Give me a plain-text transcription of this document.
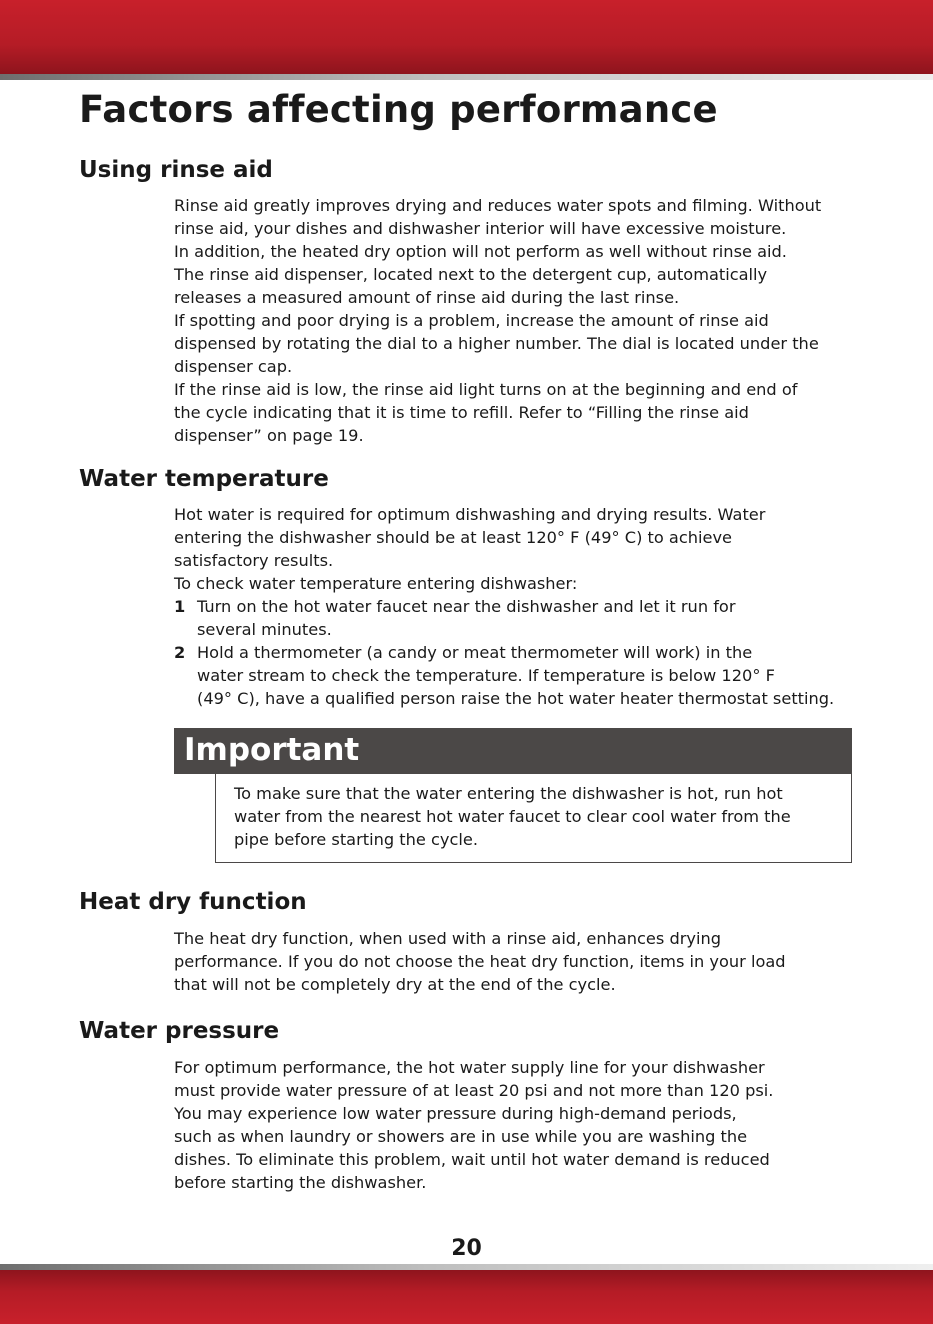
Factors affecting performance
Using rinse aid

Rinse aid greatly improves drying and reduces water spots and filming. Without

rinse aid, your dishes and dishwasher interior will have excessive moisture.

In addition, the heated dry option will not perform as well without rinse aid.

The rinse aid dispenser, located next to the detergent cup, automatically

releases a measured amount of rinse aid during the last rinse.

If spotting and poor drying is a problem, increase the amount of rinse aid

dispensed by rotating the dial to a higher number. The dial is located under the

dispenser cap.

If the rinse aid is low, the rinse aid light turns on at the beginning and end of

the cycle indicating that it is time to refill. Refer to “Filling the rinse aid

dispenser” on page 19.

Water temperature

Hot water is required for optimum dishwashing and drying results. Water

entering the dishwasher should be at least 120° F (49° C) to achieve

satisfactory results.

To check water temperature entering dishwasher:

1 Turn on the hot water faucet near the dishwasher and let it run for

several minutes.

2 Hold a thermometer (a candy or meat thermometer will work) in the

water stream to check the temperature. If temperature is below 120° F

(49° C), have a qualified person raise the hot water heater thermostat setting.

Important
To make sure that the water entering the dishwasher is hot, run hot
water from the nearest hot water faucet to clear cool water from the
pipe before starting the cycle.
Heat dry function

The heat dry function, when used with a rinse aid, enhances drying

performance. If you do not choose the heat dry function, items in your load

that will not be completely dry at the end of the cycle.

Water pressure

For optimum performance, the hot water supply line for your dishwasher

must provide water pressure of at least 20 psi and not more than 120 psi.

You may experience low water pressure during high-demand periods,

such as when laundry or showers are in use while you are washing the

dishes. To eliminate this problem, wait until hot water demand is reduced

before starting the dishwasher.

20
